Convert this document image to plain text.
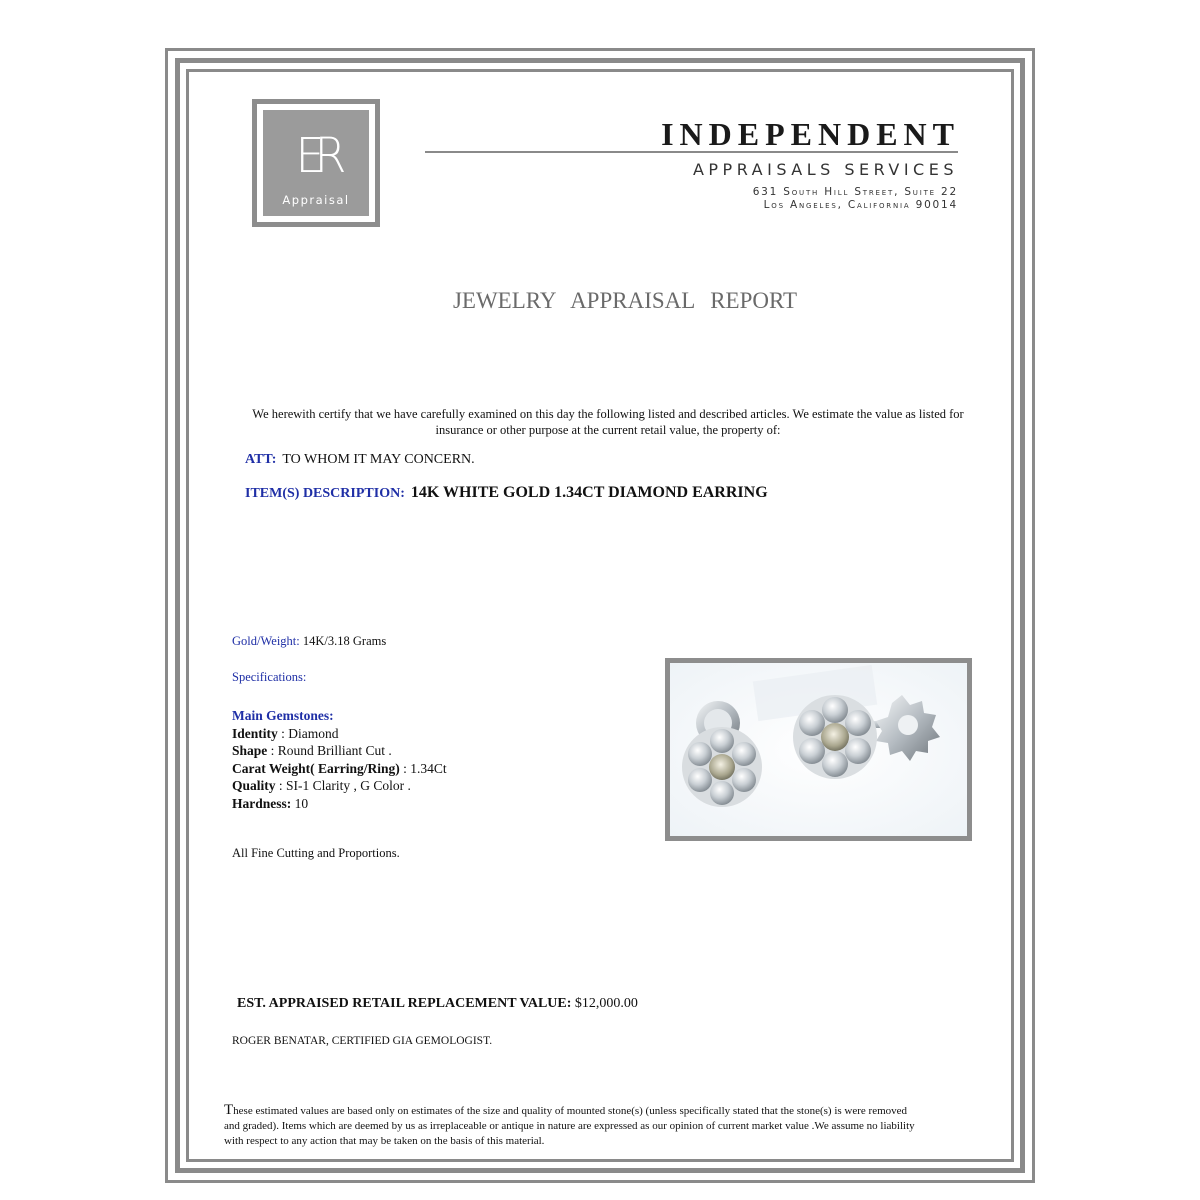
ER
Appraisal
INDEPENDENT
APPRAISALS SERVICES
631 South Hill Street, Suite 22
Los Angeles, California 90014
JEWELRY APPRAISAL REPORT
We herewith certify that we have carefully examined on this day the following listed and described articles. We estimate the value as listed for insurance or other purpose at the current retail value, the property of:
ATT: TO WHOM IT MAY CONCERN.
ITEM(S) DESCRIPTION: 14K WHITE GOLD 1.34CT DIAMOND EARRING
Gold/Weight: 14K/3.18 Grams
Specifications:
Main Gemstones:
Identity : Diamond
Shape : Round Brilliant Cut .
Carat Weight( Earring/Ring) : 1.34Ct
Quality : SI-1 Clarity , G Color .
Hardness: 10
All Fine Cutting and Proportions.
EST. APPRAISED RETAIL REPLACEMENT VALUE: $12,000.00
ROGER BENATAR, CERTIFIED GIA GEMOLOGIST.
These estimated values are based only on estimates of the size and quality of mounted stone(s) (unless specifically stated that the stone(s) is were removed and graded). Items which are deemed by us as irreplaceable or antique in nature are expressed as our opinion of current market value .We assume no liability with respect to any action that may be taken on the basis of this material.
